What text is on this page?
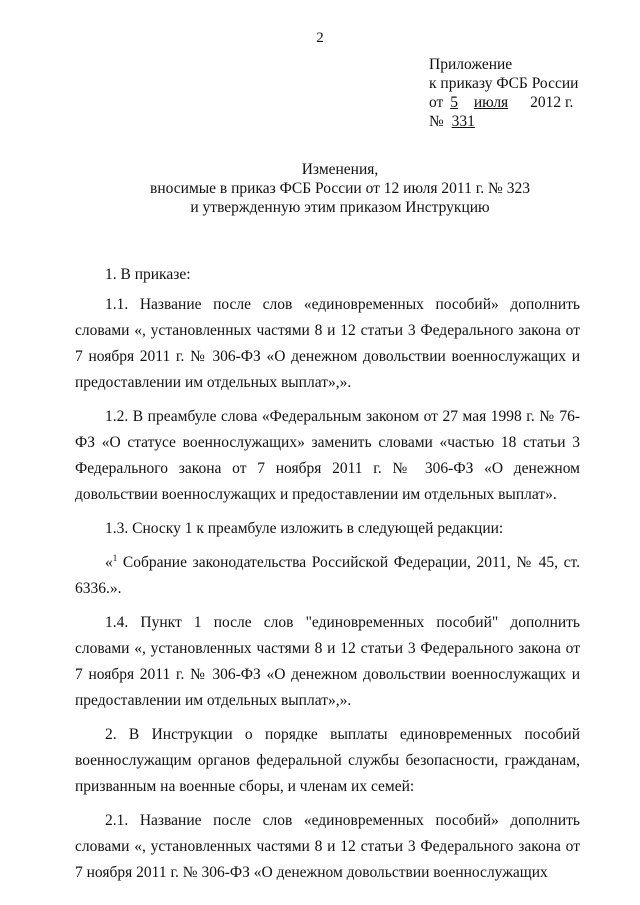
2
Приложение
к приказу ФСБ России
от 5 июля 2012 г.
№ 331
Изменения,
вносимые в приказ ФСБ России от 12 июля 2011 г. № 323
и утвержденную этим приказом Инструкцию

1. В приказе:

1.1. Название после слов «единовременных пособий» дополнить словами «, установленных частями 8 и 12 статьи 3 Федерального закона от 7 ноября 2011 г. № 306-ФЗ «О денежном довольствии военнослужащих и предоставлении им отдельных выплат»,».

1.2. В преамбуле слова «Федеральным законом от 27 мая 1998 г. № 76-ФЗ «О статусе военнослужащих» заменить словами «частью 18 статьи 3 Федерального закона от 7 ноября 2011 г. № 306-ФЗ «О денежном довольствии военнослужащих и предоставлении им отдельных выплат».

1.3. Сноску 1 к преамбуле изложить в следующей редакции:

«$^1$ Собрание законодательства Российской Федерации, 2011, № 45, ст. 6336.».

1.4. Пункт 1 после слов "единовременных пособий" дополнить словами «, установленных частями 8 и 12 статьи 3 Федерального закона от 7 ноября 2011 г. № 306-ФЗ «О денежном довольствии военнослужащих и предоставлении им отдельных выплат»,».

2. В Инструкции о порядке выплаты единовременных пособий военнослужащим органов федеральной службы безопасности, гражданам, призванным на военные сборы, и членам их семей:

2.1. Название после слов «единовременных пособий» дополнить словами «, установленных частями 8 и 12 статьи 3 Федерального закона от 7 ноября 2011 г. № 306-ФЗ «О денежном довольствии военнослужащих
